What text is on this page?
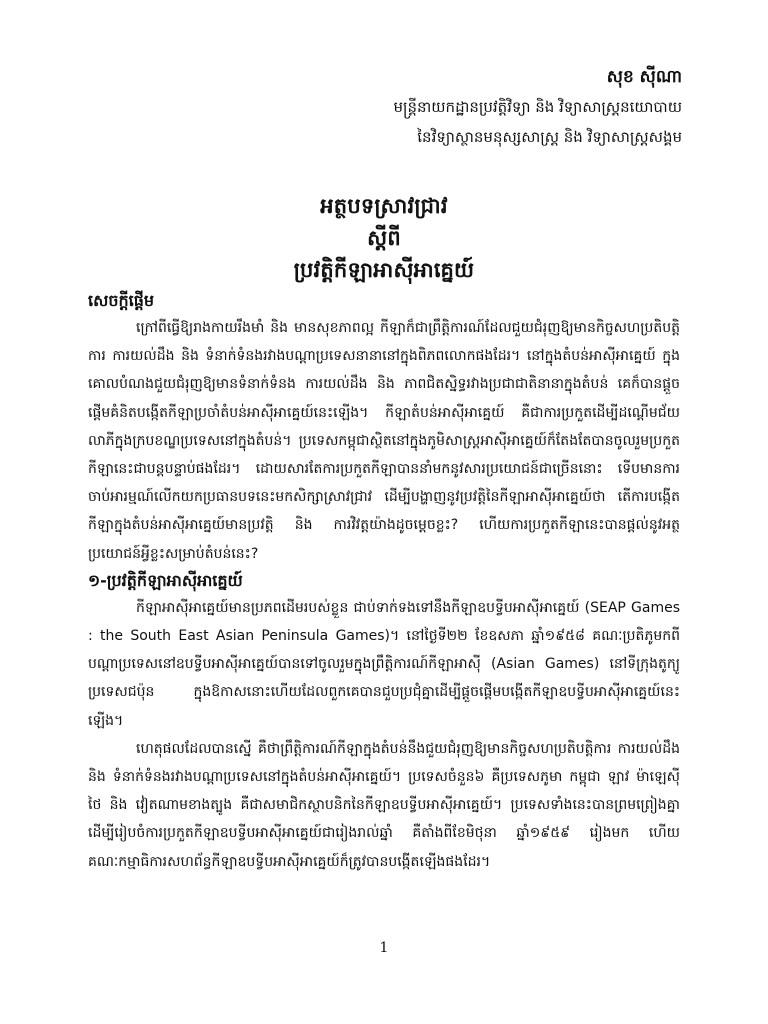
សុខ ស៊ីណា
មន្ត្រីនាយកដ្ឋានប្រវត្តិវិទ្យា និង វិទ្យាសាស្ត្រនយោបាយ
នៃវិទ្យាស្ថានមនុស្សសាស្ត្រ និង វិទ្យាសាស្ត្រសង្គម
អត្ថបទស្រាវជ្រាវ
ស្ដីពី
ប្រវត្តិកីឡាអាស៊ីអាគ្នេយ៍
សេចក្ដីផ្ដើម

ក្រៅពីធ្វើឱ្យរាងកាយរឹងមាំ និង មានសុខភាពល្អ កីឡាក៏ជាព្រឹត្តិការណ៍ដែលជួយជំរុញឱ្យមានកិច្ចសហប្រតិបត្តិការ ការយល់ដឹង និង ទំនាក់ទំនងរវាងបណ្ដាប្រទេសនានានៅក្នុងពិភពលោកផងដែរ។ នៅក្នុងតំបន់អាស៊ីអាគ្នេយ៍ ក្នុងគោលបំណងជួយជំរុញឱ្យមានទំនាក់ទំនង ការយល់ដឹង និង ភាពជិតស្និទ្ធរវាងប្រជាជាតិនានាក្នុងតំបន់ គេក៏បានផ្ដួចផ្ដើមគំនិតបង្កើតកីឡាប្រចាំតំបន់អាស៊ីអាគ្នេយ៍នេះឡើង។ កីឡាតំបន់អាស៊ីអាគ្នេយ៍ គឺជាការប្រកួតដើម្បីដណ្ដើមជ័យលាភីក្នុងក្របខណ្ឌប្រទេសនៅក្នុងតំបន់។ ប្រទេសកម្ពុជាស្ថិតនៅក្នុងភូមិសាស្ត្រអាស៊ីអាគ្នេយ៍ក៏តែងតែបានចូលរួមប្រកួតកីឡានេះជាបន្តបន្ទាប់ផងដែរ។ ដោយសារតែការប្រកួតកីឡាបាននាំមកនូវសារប្រយោជន៍ជាច្រើននោះ ទើបមានការចាប់អារម្មណ៍លើកយកប្រធានបទនេះមកសិក្សាស្រាវជ្រាវ ដើម្បីបង្ហាញនូវប្រវត្តិនៃកីឡាអាស៊ីអាគ្នេយ៍ថា តើការបង្កើតកីឡាក្នុងតំបន់អាស៊ីអាគ្នេយ៍មានប្រវត្តិ និង ការវិវត្តយ៉ាងដូចម្ដេចខ្លះ? ហើយការប្រកួតកីឡានេះបានផ្ដល់នូវអត្ថប្រយោជន៍អ្វីខ្លះសម្រាប់តំបន់នេះ?

១-ប្រវត្តិកីឡាអាស៊ីអាគ្នេយ៍

កីឡាអាស៊ីអាគ្នេយ៍មានប្រភពដើមរបស់ខ្លួន ជាប់ទាក់ទងទៅនឹងកីឡាឧបទ្វីបអាស៊ីអាគ្នេយ៍ (SEAP Games : the South East Asian Peninsula Games)។ នៅថ្ងៃទី២២ ខែឧសភា ឆ្នាំ១៩៥៨ គណៈប្រតិភូមកពីបណ្ដាប្រទេសនៅឧបទ្វីបអាស៊ីអាគ្នេយ៍បានទៅចូលរួមក្នុងព្រឹត្តិការណ៍កីឡាអាស៊ី (Asian Games) នៅទីក្រុងតូក្យូប្រទេសជប៉ុន ក្នុងឱកាសនោះហើយដែលពួកគេបានជួបប្រជុំគ្នាដើម្បីផ្ដួចផ្ដើមបង្កើតកីឡាឧបទ្វីបអាស៊ីអាគ្នេយ៍នេះឡើង។

ហេតុផលដែលបានស្នើ គឺថាព្រឹត្តិការណ៍កីឡាក្នុងតំបន់នឹងជួយជំរុញឱ្យមានកិច្ចសហប្រតិបត្តិការ ការយល់ដឹង និង ទំនាក់ទំនងរវាងបណ្ដាប្រទេសនៅក្នុងតំបន់អាស៊ីអាគ្នេយ៍។ ប្រទេសចំនួន៦ គឺប្រទេសភូមា កម្ពុជា ឡាវ ម៉ាឡេស៊ី ថៃ និង វៀតណាមខាងត្បូង គឺជាសមាជិកស្ថាបនិកនៃកីឡាឧបទ្វីបអាស៊ីអាគ្នេយ៍។ ប្រទេសទាំងនេះបានព្រមព្រៀងគ្នាដើម្បីរៀបចំការប្រកួតកីឡាឧបទ្វីបអាស៊ីអាគ្នេយ៍ជារៀងរាល់ឆ្នាំ គឺតាំងពីខែមិថុនា ឆ្នាំ១៩៥៩ រៀងមក ហើយគណៈកម្មាធិការសហព័ន្ធកីឡាឧបទ្វីបអាស៊ីអាគ្នេយ៍ក៏ត្រូវបានបង្កើតឡើងផងដែរ។

1
